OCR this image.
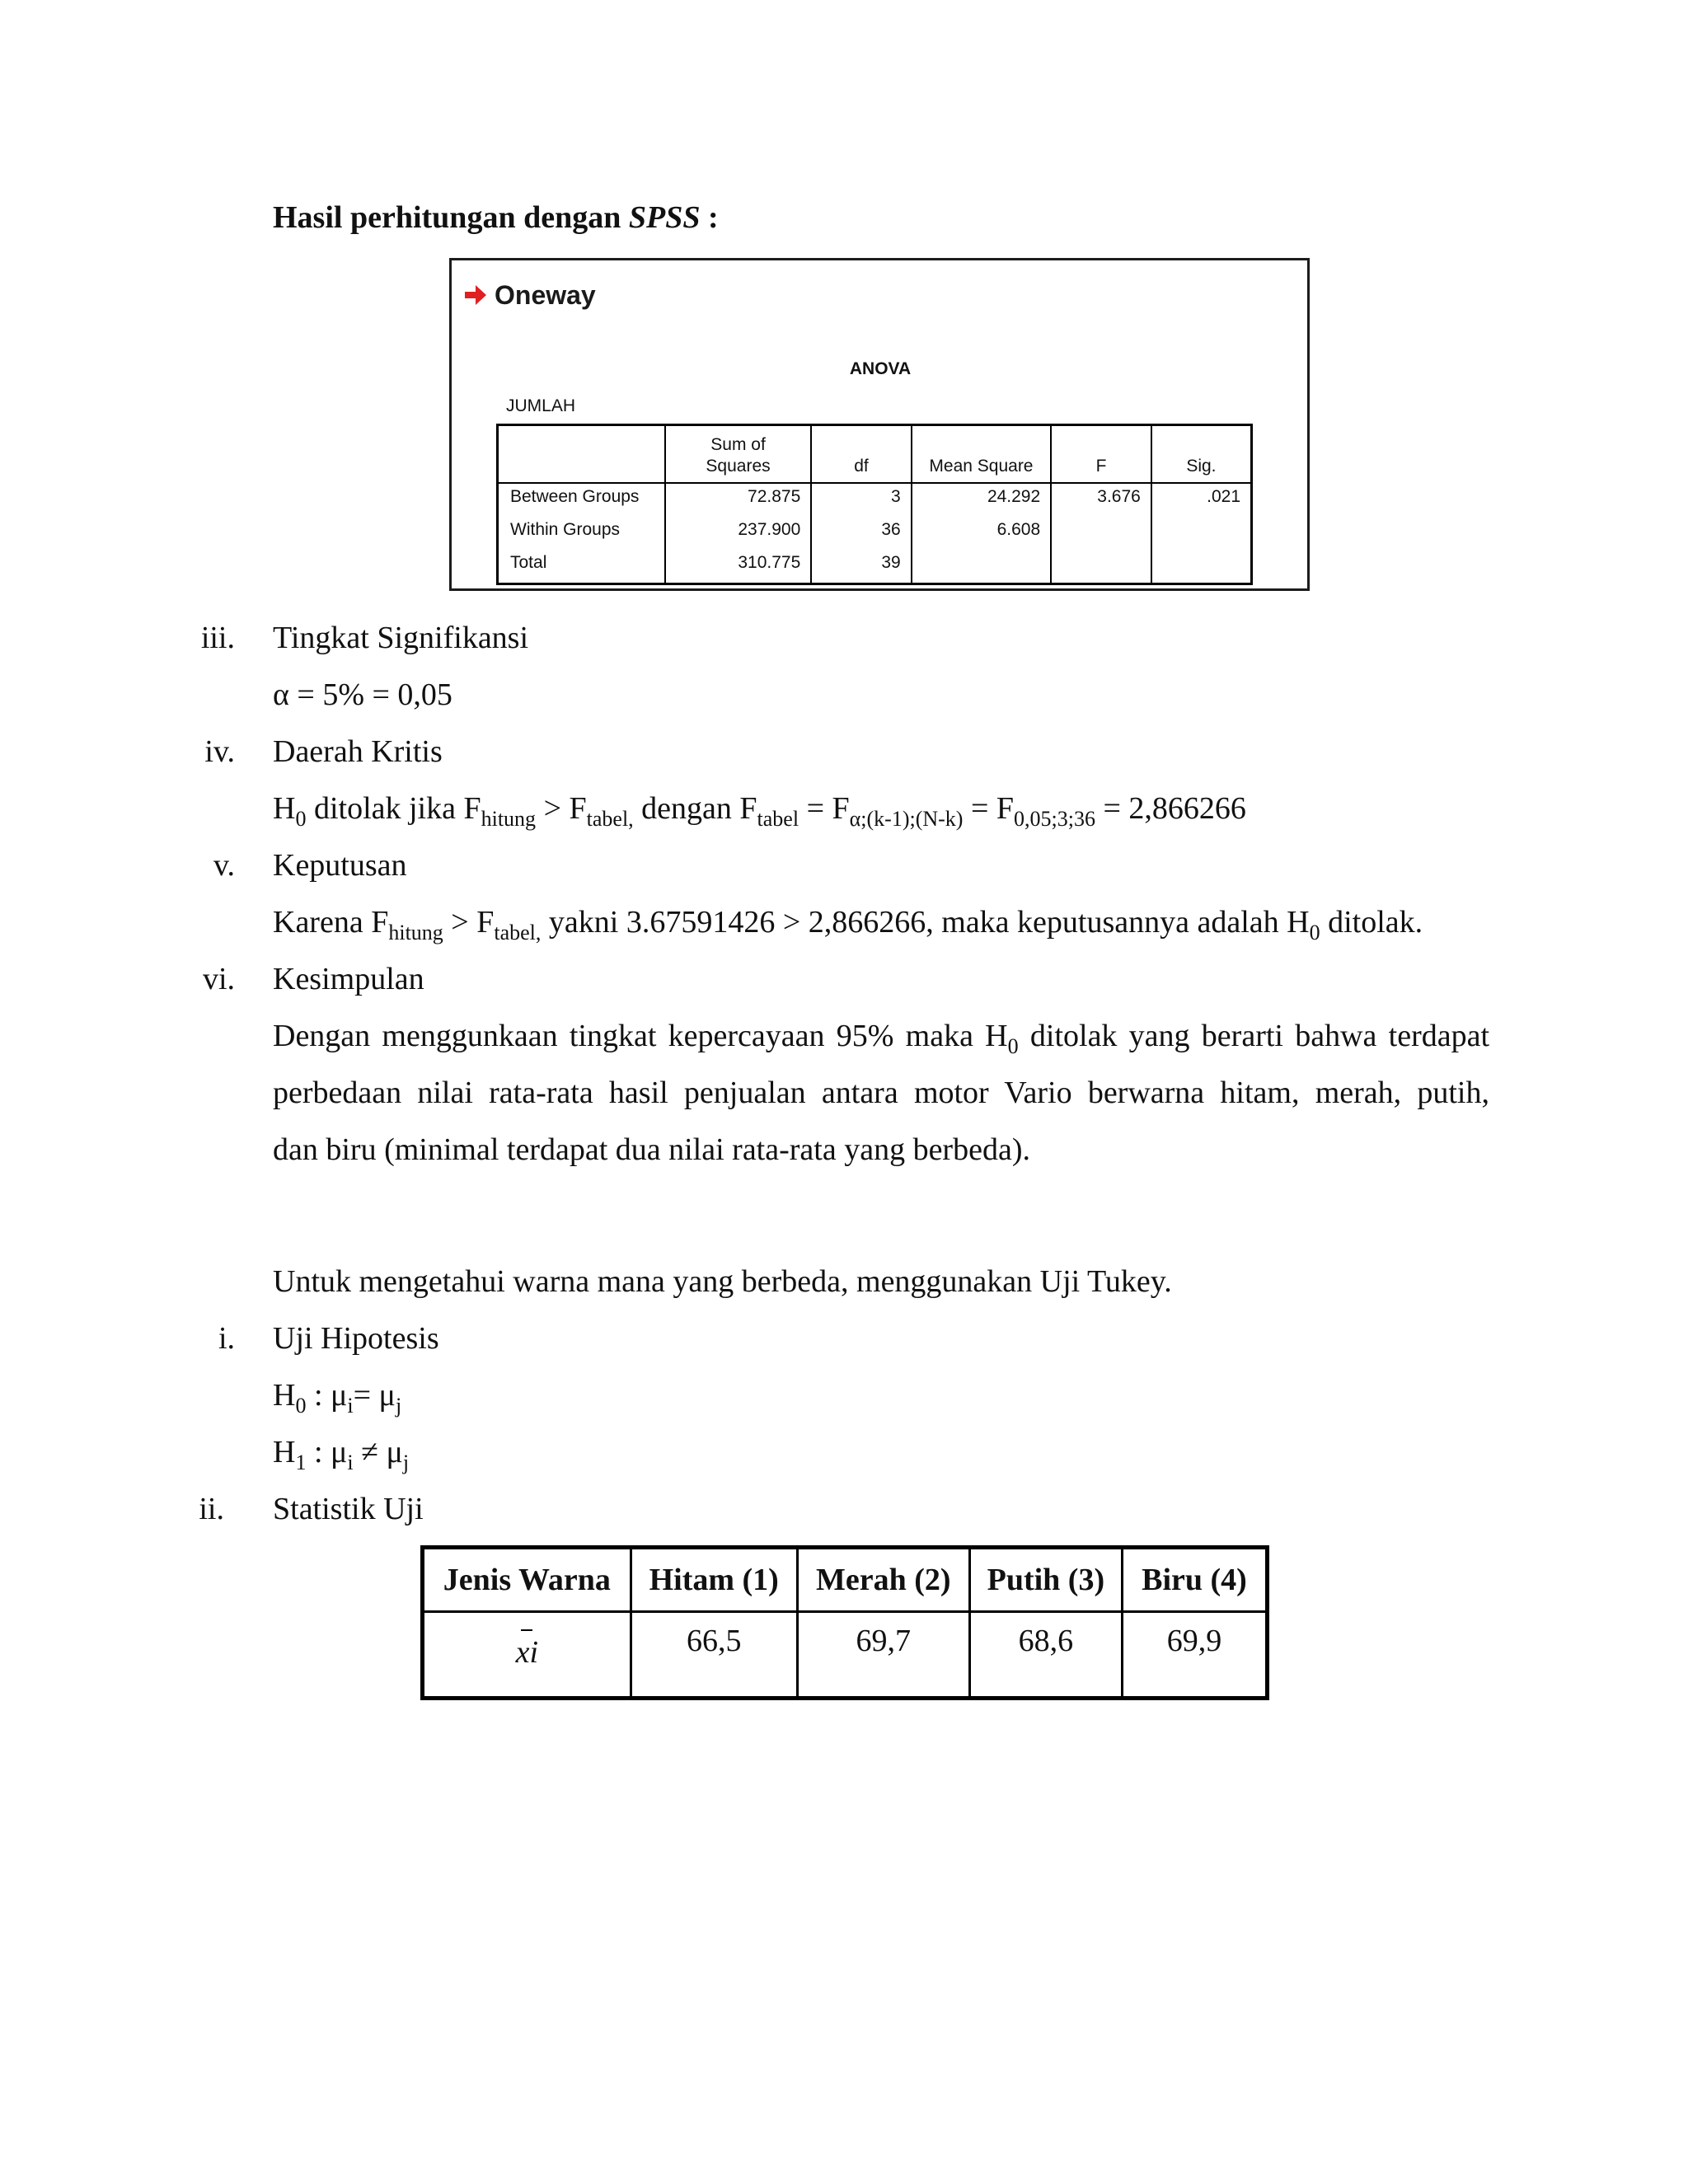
Hasil perhitungan dengan SPSS :
Oneway
ANOVA
JUMLAH
	Sum of
Squares	df	Mean Square	F	Sig.
Between Groups	72.875	3	24.292	3.676	.021
Within Groups	237.900	36	6.608		
Total	310.775	39			
iii. Tingkat Signifikansi
α = 5% = 0,05
iv. Daerah Kritis
$H_0$ ditolak jika $F_{hitung} > F_{tabel,}$ dengan $F_{tabel} = F_{\alpha;(k-1);(N-k)} = F_{0,05;3;36} = 2,866266$
v. Keputusan
Karena $F_{hitung} > F_{tabel,}$ yakni 3.67591426 > 2,866266, maka keputusannya adalah $H_0$ ditolak.
vi. Kesimpulan
Dengan menggunkaan tingkat kepercayaan 95% maka $H_0$ ditolak yang berarti bahwa terdapat
perbedaan nilai rata-rata hasil penjualan antara motor Vario berwarna hitam, merah, putih,
dan biru (minimal terdapat dua nilai rata-rata yang berbeda).
Untuk mengetahui warna mana yang berbeda, menggunakan Uji Tukey.
i. Uji Hipotesis
$H_0$ : $\mu_i= \mu_j$
$H_1$ : $\mu_i \ne \mu_j$
ii. Statistik Uji
Jenis Warna	Hitam (1)	Merah (2)	Putih (3)	Biru (4)
xi	66,5	69,7	68,6	69,9
